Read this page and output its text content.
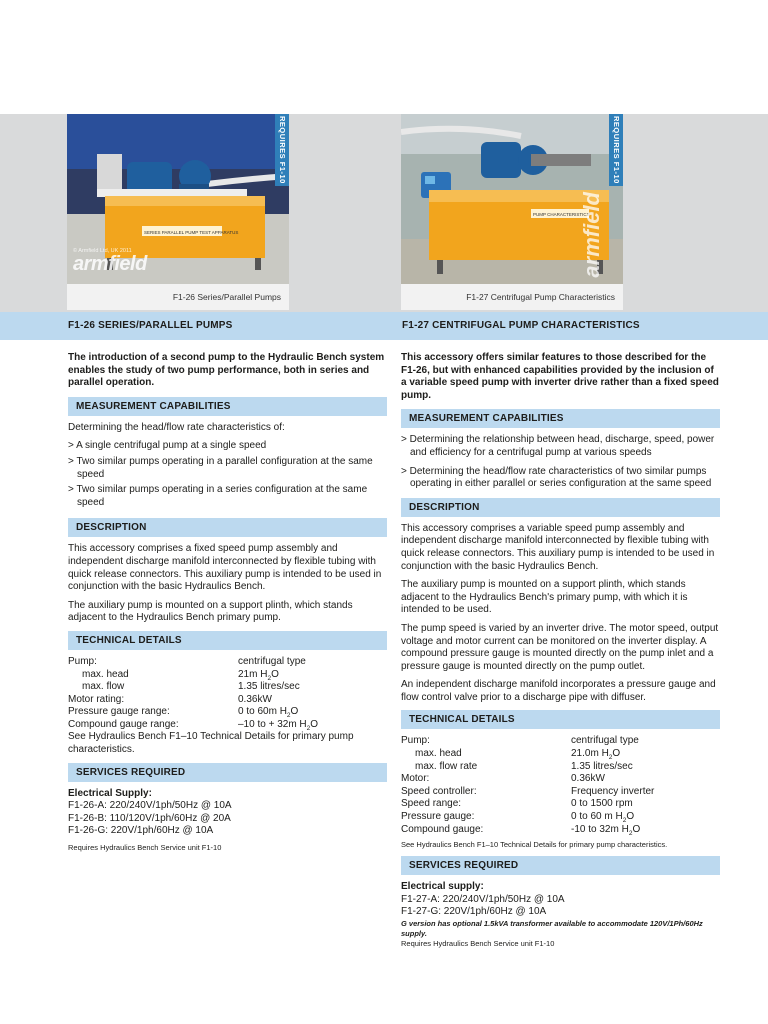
SERIES PARALLEL PUMP TEST APPARATUS
© Armfield Ltd, UK 2011
armfield
REQUIRES F1-10
F1-26 Series/Parallel Pumps
PUMP CHARACTERISTICS
armfield
REQUIRES F1-10
F1-27 Centrifugal Pump Characteristics
F1-26 SERIES/PARALLEL PUMPS	F1-27 CENTRIFUGAL PUMP CHARACTERISTICS
The introduction of a second pump to the Hydraulic Bench system enables the study of two pump performance, both in series and parallel operation.
MEASUREMENT CAPABILITIES

Determining the head/flow rate characteristics of:

> A single centrifugal pump at a single speed
> Two similar pumps operating in a parallel configuration at the same speed
> Two similar pumps operating in a series configuration at the same speed
DESCRIPTION

This accessory comprises a fixed speed pump assembly and independent discharge manifold interconnected by flexible tubing with quick release connectors. This auxiliary pump is intended to be used in conjunction with the basic Hydraulics Bench.

The auxiliary pump is mounted on a support plinth, which stands adjacent to the Hydraulics Bench primary pump.

TECHNICAL DETAILS
Pump:	centrifugal type
max. head	21m $H_2O$
max. flow	1.35 litres/sec
Motor rating:	0.36kW
Pressure gauge range:	0 to 60m $H_2O$
Compound gauge range:	–10 to + 32m $H_2O$

See Hydraulics Bench F1–10 Technical Details for primary pump characteristics.

SERVICES REQUIRED
Electrical Supply:
F1-26-A: 220/240V/1ph/50Hz @ 10A
F1-26-B: 110/120V/1ph/60Hz @ 20A
F1-26-G: 220V/1ph/60Hz @ 10A
Requires Hydraulics Bench Service unit F1-10
This accessory offers similar features to those described for the F1-26, but with enhanced capabilities provided by the inclusion of a variable speed pump with inverter drive rather than a fixed speed pump.
MEASUREMENT CAPABILITIES
> Determining the relationship between head, discharge, speed, power and efficiency for a centrifugal pump at various speeds
> Determining the head/flow rate characteristics of two similar pumps operating in either parallel or series configuration at the same speed
DESCRIPTION

This accessory comprises a variable speed pump assembly and independent discharge manifold interconnected by flexible tubing with quick release connectors. This auxiliary pump is intended to be used in conjunction with the basic Hydraulics Bench.

The auxiliary pump is mounted on a support plinth, which stands adjacent to the Hydraulics Bench's primary pump, with which it is intended to be used.

The pump speed is varied by an inverter drive. The motor speed, output voltage and motor current can be monitored on the inverter display. A compound pressure gauge is mounted directly on the pump inlet and a pressure gauge is mounted directly on the pump outlet.

An independent discharge manifold incorporates a pressure gauge and flow control valve prior to a discharge pipe with diffuser.

TECHNICAL DETAILS
Pump:	centrifugal type
max. head	21.0m $H_2O$
max. flow rate	1.35 litres/sec
Motor:	0.36kW
Speed controller:	Frequency inverter
Speed range:	0 to 1500 rpm
Pressure gauge:	0 to 60 m $H_2O$
Compound gauge:	-10 to 32m $H_2O$

See Hydraulics Bench F1–10 Technical Details for primary pump characteristics.

SERVICES REQUIRED
Electrical supply:
F1-27-A: 220/240V/1ph/50Hz @ 10A
F1-27-G: 220V/1ph/60Hz @ 10A
G version has optional 1.5kVA transformer available to accommodate 120V/1Ph/60Hz supply.
Requires Hydraulics Bench Service unit F1-10
